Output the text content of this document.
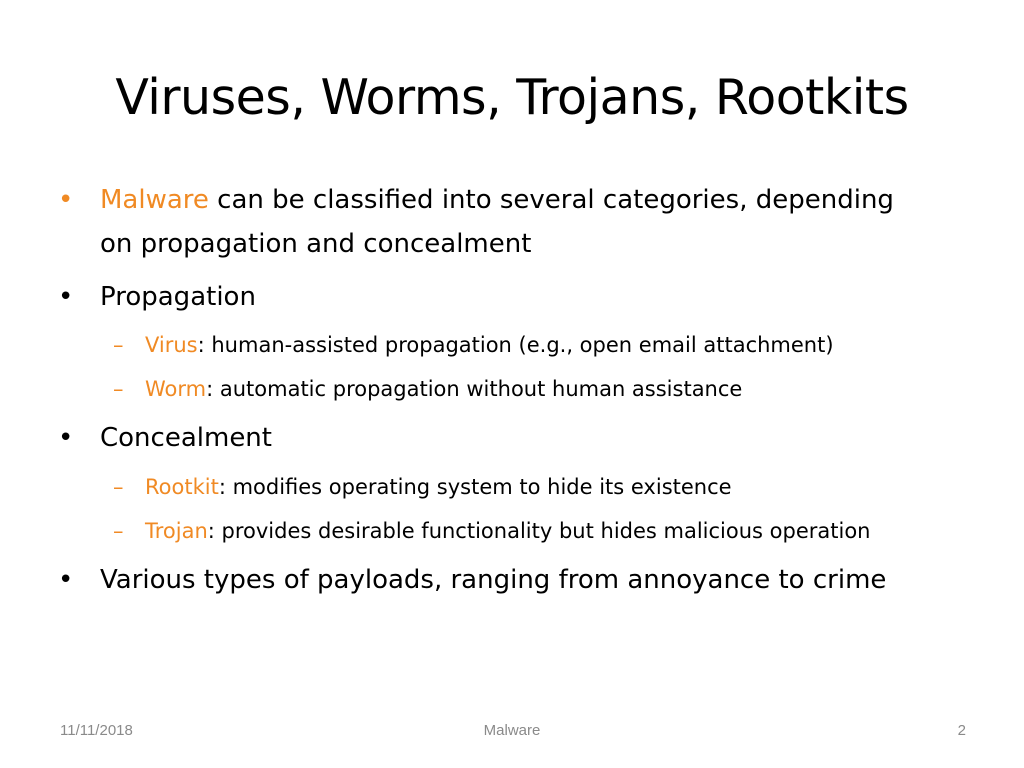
Viruses, Worms, Trojans, Rootkits
• Malware can be classified into several categories, depending
on propagation and concealment
• Propagation
– Virus: human-assisted propagation (e.g., open email attachment)
– Worm: automatic propagation without human assistance
• Concealment
– Rootkit: modifies operating system to hide its existence
– Trojan: provides desirable functionality but hides malicious operation
• Various types of payloads, ranging from annoyance to crime
11/11/2018	Malware	2
